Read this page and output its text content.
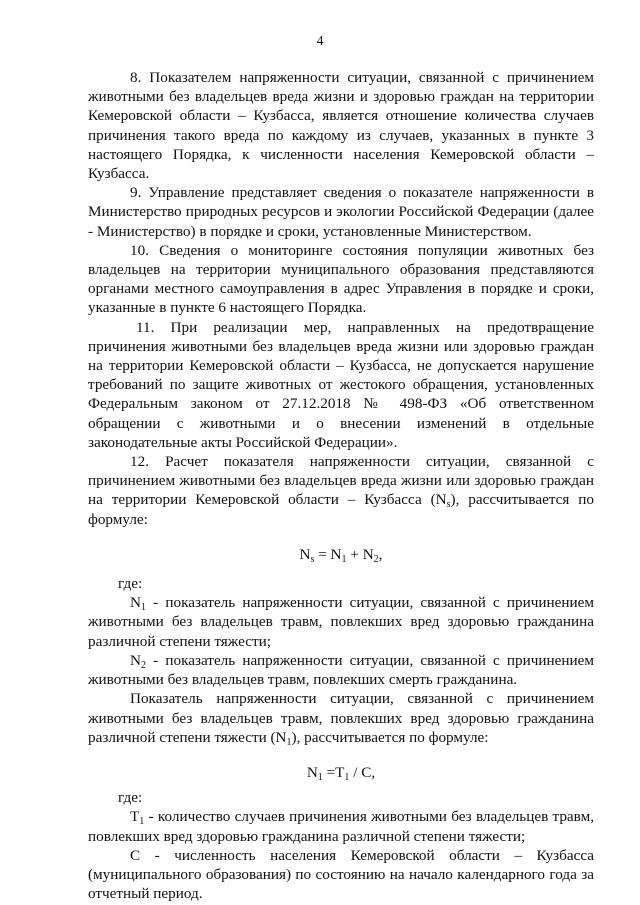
4

8. Показателем напряженности ситуации, связанной с причинением животными без владельцев вреда жизни и здоровью граждан на территории Кемеровской области – Кузбасса, является отношение количества случаев причинения такого вреда по каждому из случаев, указанных в пункте 3 настоящего Порядка, к численности населения Кемеровской области – Кузбасса.

9. Управление представляет сведения о показателе напряженности в Министерство природных ресурсов и экологии Российской Федерации (далее - Министерство) в порядке и сроки, установленные Министерством.

10. Сведения о мониторинге состояния популяции животных без владельцев на территории муниципального образования представляются органами местного самоуправления в адрес Управления в порядке и сроки, указанные в пункте 6 настоящего Порядка.

11. При реализации мер, направленных на предотвращение причинения животными без владельцев вреда жизни или здоровью граждан на территории Кемеровской области – Кузбасса, не допускается нарушение требований по защите животных от жестокого обращения, установленных Федеральным законом от 27.12.2018 № 498-ФЗ «Об ответственном обращении с животными и о внесении изменений в отдельные законодательные акты Российской Федерации».

12. Расчет показателя напряженности ситуации, связанной с причинением животными без владельцев вреда жизни или здоровью граждан на территории Кемеровской области – Кузбасса $(N_s)$, рассчитывается по формуле:

$N_s = N_1 + N_2$,

где:

$N_1$ - показатель напряженности ситуации, связанной с причинением животными без владельцев травм, повлекших вред здоровью гражданина различной степени тяжести;

$N_2$ - показатель напряженности ситуации, связанной с причинением животными без владельцев травм, повлекших смерть гражданина.

Показатель напряженности ситуации, связанной с причинением животными без владельцев травм, повлекших вред здоровью гражданина различной степени тяжести $(N_1)$, рассчитывается по формуле:

$N_1 =T_1 / C$,

где:

$T_1$ - количество случаев причинения животными без владельцев травм, повлекших вред здоровью гражданина различной степени тяжести;

С - численность населения Кемеровской области – Кузбасса (муниципального образования) по состоянию на начало календарного года за отчетный период.
